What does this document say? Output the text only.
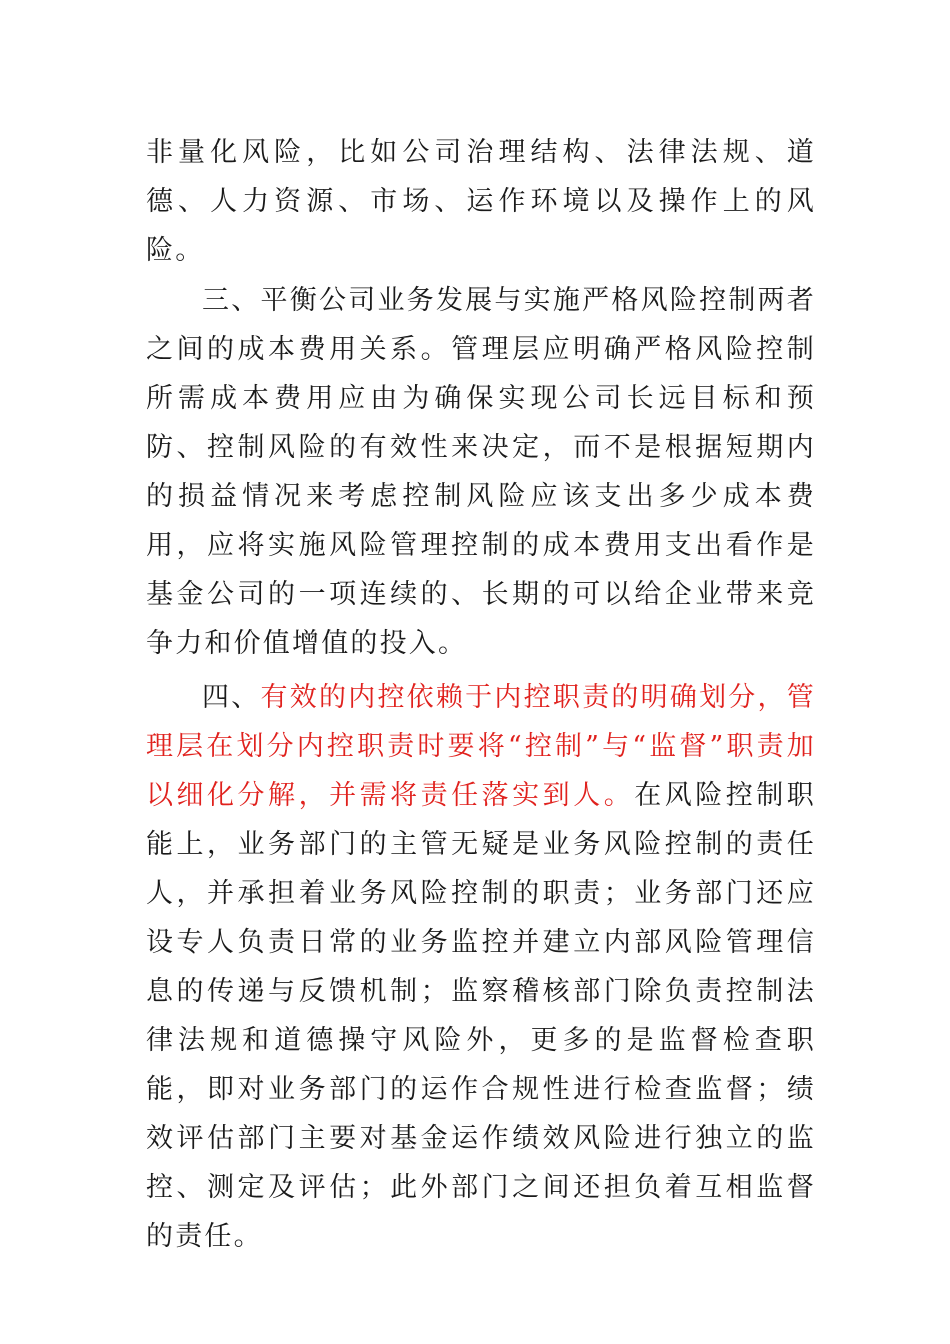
非量化风险，比如公司治理结构、法律法规、道德、人力资源、市场、运作环境以及操作上的风险。

三、平衡公司业务发展与实施严格风险控制两者之间的成本费用关系。管理层应明确严格风险控制所需成本费用应由为确保实现公司长远目标和预防、控制风险的有效性来决定，而不是根据短期内的损益情况来考虑控制风险应该支出多少成本费用，应将实施风险管理控制的成本费用支出看作是基金公司的一项连续的、长期的可以给企业带来竞争力和价值增值的投入。

四、有效的内控依赖于内控职责的明确划分，管理层在划分内控职责时要将“控制”与“监督”职责加以细化分解，并需将责任落实到人。在风险控制职能上，业务部门的主管无疑是业务风险控制的责任人，并承担着业务风险控制的职责；业务部门还应设专人负责日常的业务监控并建立内部风险管理信息的传递与反馈机制；监察稽核部门除负责控制法律法规和道德操守风险外，更多的是监督检查职能，即对业务部门的运作合规性进行检查监督；绩效评估部门主要对基金运作绩效风险进行独立的监控、测定及评估；此外部门之间还担负着互相监督的责任。
